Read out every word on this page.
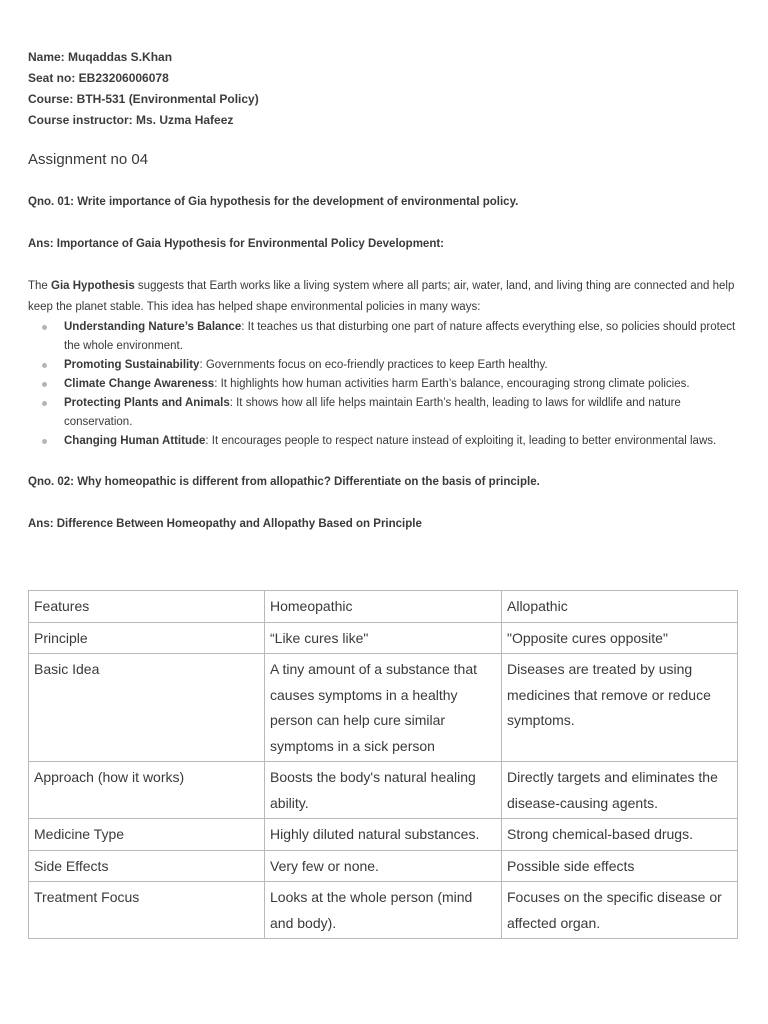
Name: Muqaddas S.Khan
Seat no: EB23206006078
Course: BTH-531 (Environmental Policy)
Course instructor: Ms. Uzma Hafeez
Assignment no 04
Qno. 01: Write importance of Gia hypothesis for the development of environmental policy.
Ans: Importance of Gaia Hypothesis for Environmental Policy Development:
The Gia Hypothesis suggests that Earth works like a living system where all parts; air, water, land, and living thing are connected and help keep the planet stable. This idea has helped shape environmental policies in many ways:
Understanding Nature’s Balance: It teaches us that disturbing one part of nature affects everything else, so policies should protect the whole environment.
Promoting Sustainability: Governments focus on eco-friendly practices to keep Earth healthy.
Climate Change Awareness: It highlights how human activities harm Earth’s balance, encouraging strong climate policies.
Protecting Plants and Animals: It shows how all life helps maintain Earth’s health, leading to laws for wildlife and nature conservation.
Changing Human Attitude: It encourages people to respect nature instead of exploiting it, leading to better environmental laws.
Qno. 02: Why homeopathic is different from allopathic? Differentiate on the basis of principle.
Ans: Difference Between Homeopathy and Allopathy Based on Principle
Features	Homeopathic	Allopathic
Principle	“Like cures like"	"Opposite cures opposite"
Basic Idea	A tiny amount of a substance that causes symptoms in a healthy person can help cure similar symptoms in a sick person	Diseases are treated by using medicines that remove or reduce symptoms.
Approach (how it works)	Boosts the body's natural healing ability.	Directly targets and eliminates the disease-causing agents.
Medicine Type	Highly diluted natural substances.	Strong chemical-based drugs.
Side Effects	Very few or none.	Possible side effects
Treatment Focus	Looks at the whole person (mind and body).	Focuses on the specific disease or affected organ.
